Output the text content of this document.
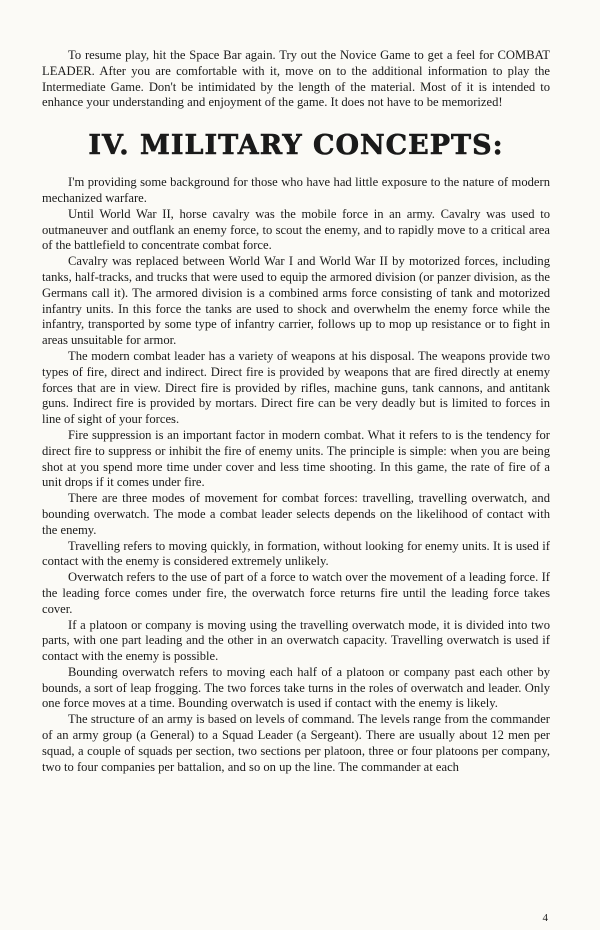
To resume play, hit the Space Bar again. Try out the Novice Game to get a feel for COMBAT LEADER. After you are comfortable with it, move on to the additional information to play the Intermediate Game. Don't be intimidated by the length of the material. Most of it is intended to enhance your understanding and enjoyment of the game. It does not have to be memorized!

IV. MILITARY CONCEPTS:

I'm providing some background for those who have had little exposure to the nature of modern mechanized warfare.

Until World War II, horse cavalry was the mobile force in an army. Cavalry was used to outmaneuver and outflank an enemy force, to scout the enemy, and to rapidly move to a critical area of the battlefield to concentrate combat force.

Cavalry was replaced between World War I and World War II by motorized forces, including tanks, half-tracks, and trucks that were used to equip the armored division (or panzer division, as the Germans call it). The armored division is a combined arms force consisting of tank and motorized infantry units. In this force the tanks are used to shock and overwhelm the enemy force while the infantry, transported by some type of infantry carrier, follows up to mop up resistance or to fight in areas unsuitable for armor.

The modern combat leader has a variety of weapons at his disposal. The weapons provide two types of fire, direct and indirect. Direct fire is provided by weapons that are fired directly at enemy forces that are in view. Direct fire is provided by rifles, machine guns, tank cannons, and antitank guns. Indirect fire is provided by mortars. Direct fire can be very deadly but is limited to forces in line of sight of your forces.

Fire suppression is an important factor in modern combat. What it refers to is the tendency for direct fire to suppress or inhibit the fire of enemy units. The principle is simple: when you are being shot at you spend more time under cover and less time shooting. In this game, the rate of fire of a unit drops if it comes under fire.

There are three modes of movement for combat forces: travelling, travelling overwatch, and bounding overwatch. The mode a combat leader selects depends on the likelihood of contact with the enemy.

Travelling refers to moving quickly, in formation, without looking for enemy units. It is used if contact with the enemy is considered extremely unlikely.

Overwatch refers to the use of part of a force to watch over the movement of a leading force. If the leading force comes under fire, the overwatch force returns fire until the leading force takes cover.

If a platoon or company is moving using the travelling overwatch mode, it is divided into two parts, with one part leading and the other in an overwatch capacity. Travelling overwatch is used if contact with the enemy is possible.

Bounding overwatch refers to moving each half of a platoon or company past each other by bounds, a sort of leap frogging. The two forces take turns in the roles of overwatch and leader. Only one force moves at a time. Bounding overwatch is used if contact with the enemy is likely.

The structure of an army is based on levels of command. The levels range from the commander of an army group (a General) to a Squad Leader (a Sergeant). There are usually about 12 men per squad, a couple of squads per section, two sections per platoon, three or four platoons per company, two to four companies per battalion, and so on up the line. The commander at each

4
